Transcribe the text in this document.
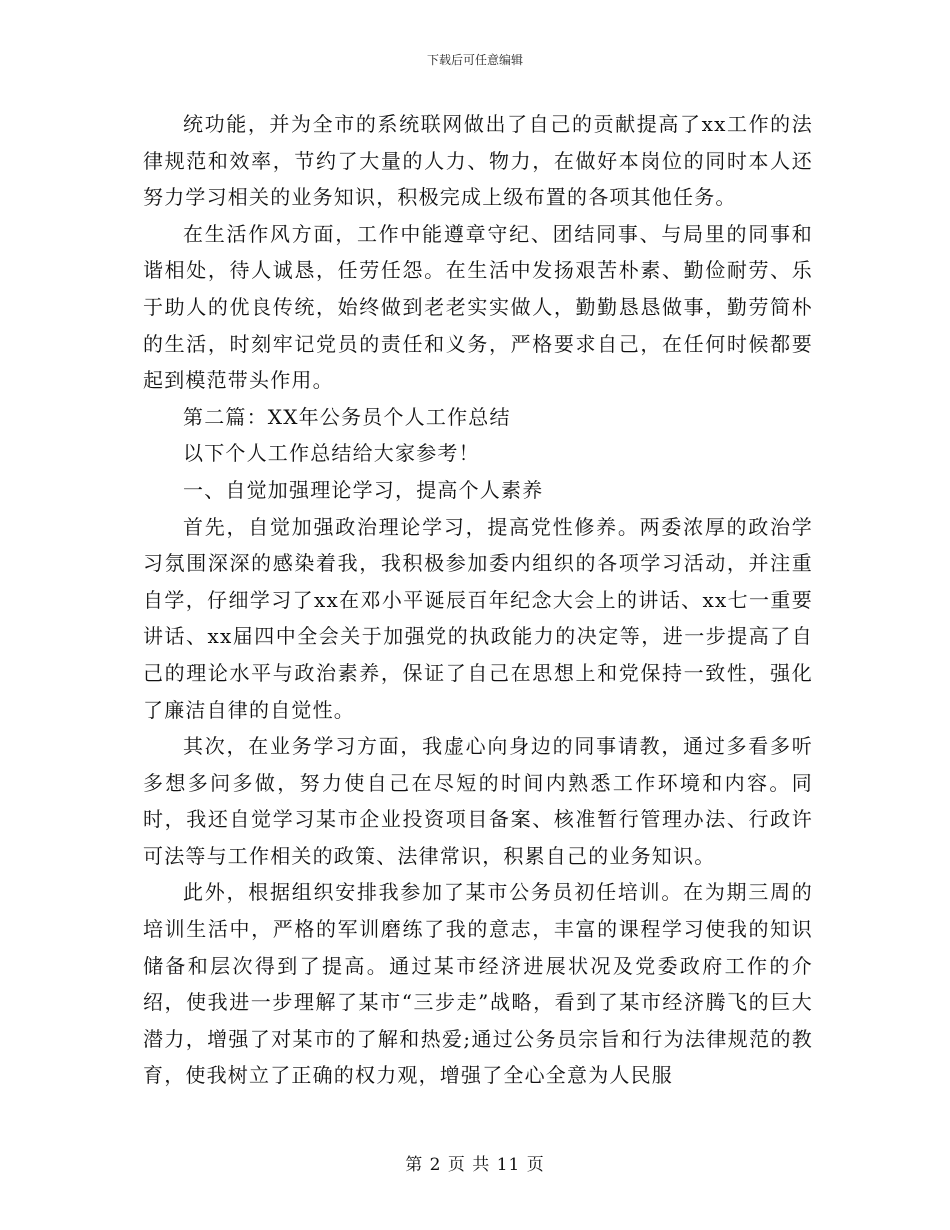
下载后可任意编辑

统功能，并为全市的系统联网做出了自己的贡献提高了xx工作的法律规范和效率，节约了大量的人力、物力，在做好本岗位的同时本人还努力学习相关的业务知识，积极完成上级布置的各项其他任务。

在生活作风方面，工作中能遵章守纪、团结同事、与局里的同事和谐相处，待人诚恳，任劳任怨。在生活中发扬艰苦朴素、勤俭耐劳、乐于助人的优良传统，始终做到老老实实做人，勤勤恳恳做事，勤劳简朴的生活，时刻牢记党员的责任和义务，严格要求自己，在任何时候都要起到模范带头作用。

第二篇：XX年公务员个人工作总结

以下个人工作总结给大家参考！

一、自觉加强理论学习，提高个人素养

首先，自觉加强政治理论学习，提高党性修养。两委浓厚的政治学习氛围深深的感染着我，我积极参加委内组织的各项学习活动，并注重自学，仔细学习了xx在邓小平诞辰百年纪念大会上的讲话、xx七一重要讲话、xx届四中全会关于加强党的执政能力的决定等，进一步提高了自己的理论水平与政治素养，保证了自己在思想上和党保持一致性，强化了廉洁自律的自觉性。

其次，在业务学习方面，我虚心向身边的同事请教，通过多看多听多想多问多做，努力使自己在尽短的时间内熟悉工作环境和内容。同时，我还自觉学习某市企业投资项目备案、核准暂行管理办法、行政许可法等与工作相关的政策、法律常识，积累自己的业务知识。

此外，根据组织安排我参加了某市公务员初任培训。在为期三周的培训生活中，严格的军训磨练了我的意志，丰富的课程学习使我的知识储备和层次得到了提高。通过某市经济进展状况及党委政府工作的介绍，使我进一步理解了某市“三步走”战略，看到了某市经济腾飞的巨大潜力，增强了对某市的了解和热爱;通过公务员宗旨和行为法律规范的教育，使我树立了正确的权力观，增强了全心全意为人民服

第 2 页 共 11 页
